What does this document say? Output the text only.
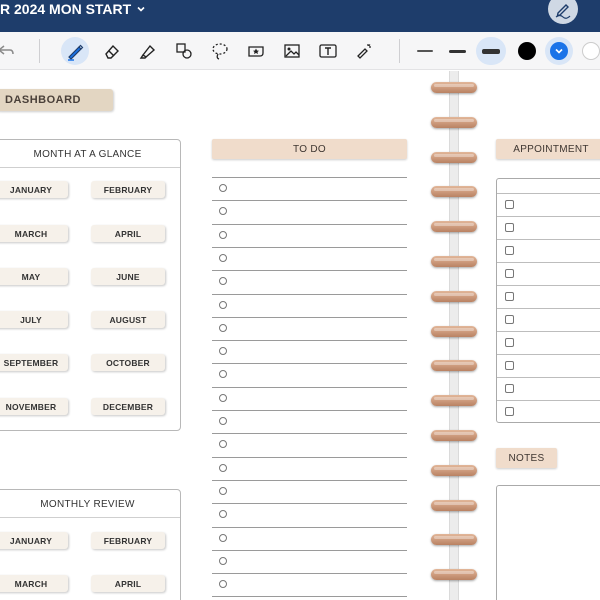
R 2024 MON START
DASHBOARD
MONTH AT A GLANCE
JANUARY	FEBRUARY
MARCH	APRIL
MAY	JUNE
JULY	AUGUST
SEPTEMBER	OCTOBER
NOVEMBER	DECEMBER
MONTHLY REVIEW
JANUARY	FEBRUARY
MARCH	APRIL
TO DO	APPOINTMENT
NOTES
